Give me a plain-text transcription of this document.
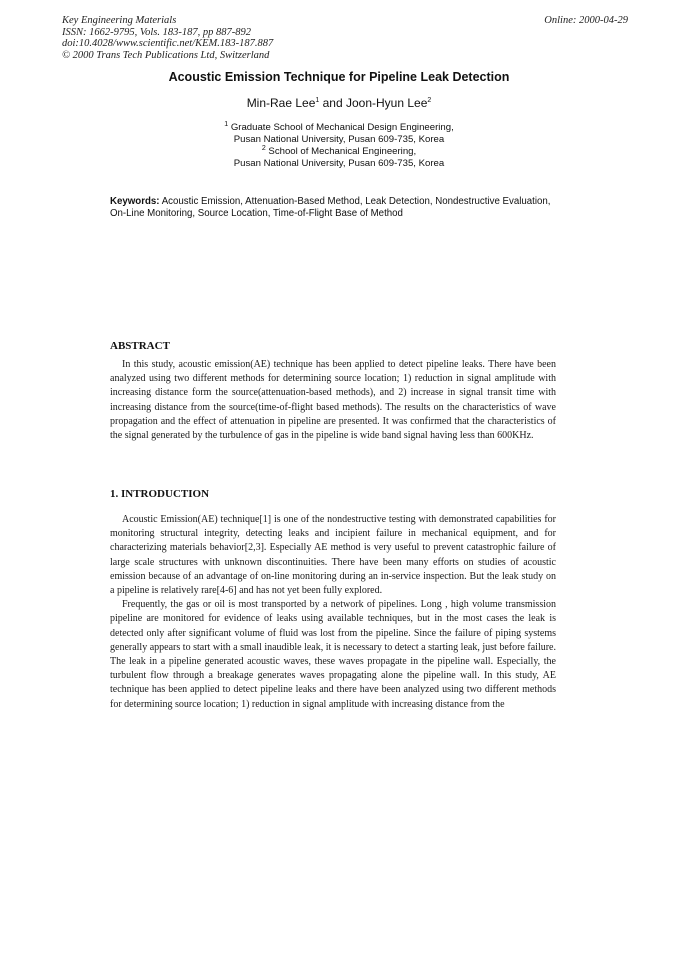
Key Engineering Materials
ISSN: 1662-9795, Vols. 183-187, pp 887-892
doi:10.4028/www.scientific.net/KEM.183-187.887
© 2000 Trans Tech Publications Ltd, Switzerland
Online: 2000-04-29
Acoustic Emission Technique for Pipeline Leak Detection
Min-Rae Lee$^1$ and Joon-Hyun Lee$^2$
$^1$ Graduate School of Mechanical Design Engineering,
Pusan National University, Pusan 609-735, Korea
$^2$ School of Mechanical Engineering,
Pusan National University, Pusan 609-735, Korea
Keywords: Acoustic Emission, Attenuation-Based Method, Leak Detection, Nondestructive Evaluation, On-Line Monitoring, Source Location, Time-of-Flight Base of Method
ABSTRACT

In this study, acoustic emission(AE) technique has been applied to detect pipeline leaks. There have been analyzed using two different methods for determining source location; 1) reduction in signal amplitude with increasing distance form the source(attenuation-based methods), and 2) increase in signal transit time with increasing distance from the source(time-of-flight based methods). The results on the characteristics of wave propagation and the effect of attenuation in pipeline are presented. It was confirmed that the characteristics of the signal generated by the turbulence of gas in the pipeline is wide band signal having less than 600KHz.

1. INTRODUCTION

Acoustic Emission(AE) technique[1] is one of the nondestructive testing with demonstrated capabilities for monitoring structural integrity, detecting leaks and incipient failure in mechanical equipment, and for characterizing materials behavior[2,3]. Especially AE method is very useful to prevent catastrophic failure of large scale structures with unknown discontinuities. There have been many efforts on studies of acoustic emission because of an advantage of on-line monitoring during an in-service inspection. But the leak study on a pipeline is relatively rare[4-6] and has not yet been fully explored.

Frequently, the gas or oil is most transported by a network of pipelines. Long , high volume transmission pipeline are monitored for evidence of leaks using available techniques, but in the most cases the leak is detected only after significant volume of fluid was lost from the pipeline. Since the failure of piping systems generally appears to start with a small inaudible leak, it is necessary to detect a starting leak, just before failure. The leak in a pipeline generated acoustic waves, these waves propagate in the pipeline wall. Especially, the turbulent flow through a breakage generates waves propagating alone the pipeline wall. In this study, AE technique has been applied to detect pipeline leaks and there have been analyzed using two different methods for determining source location; 1) reduction in signal amplitude with increasing distance from the
